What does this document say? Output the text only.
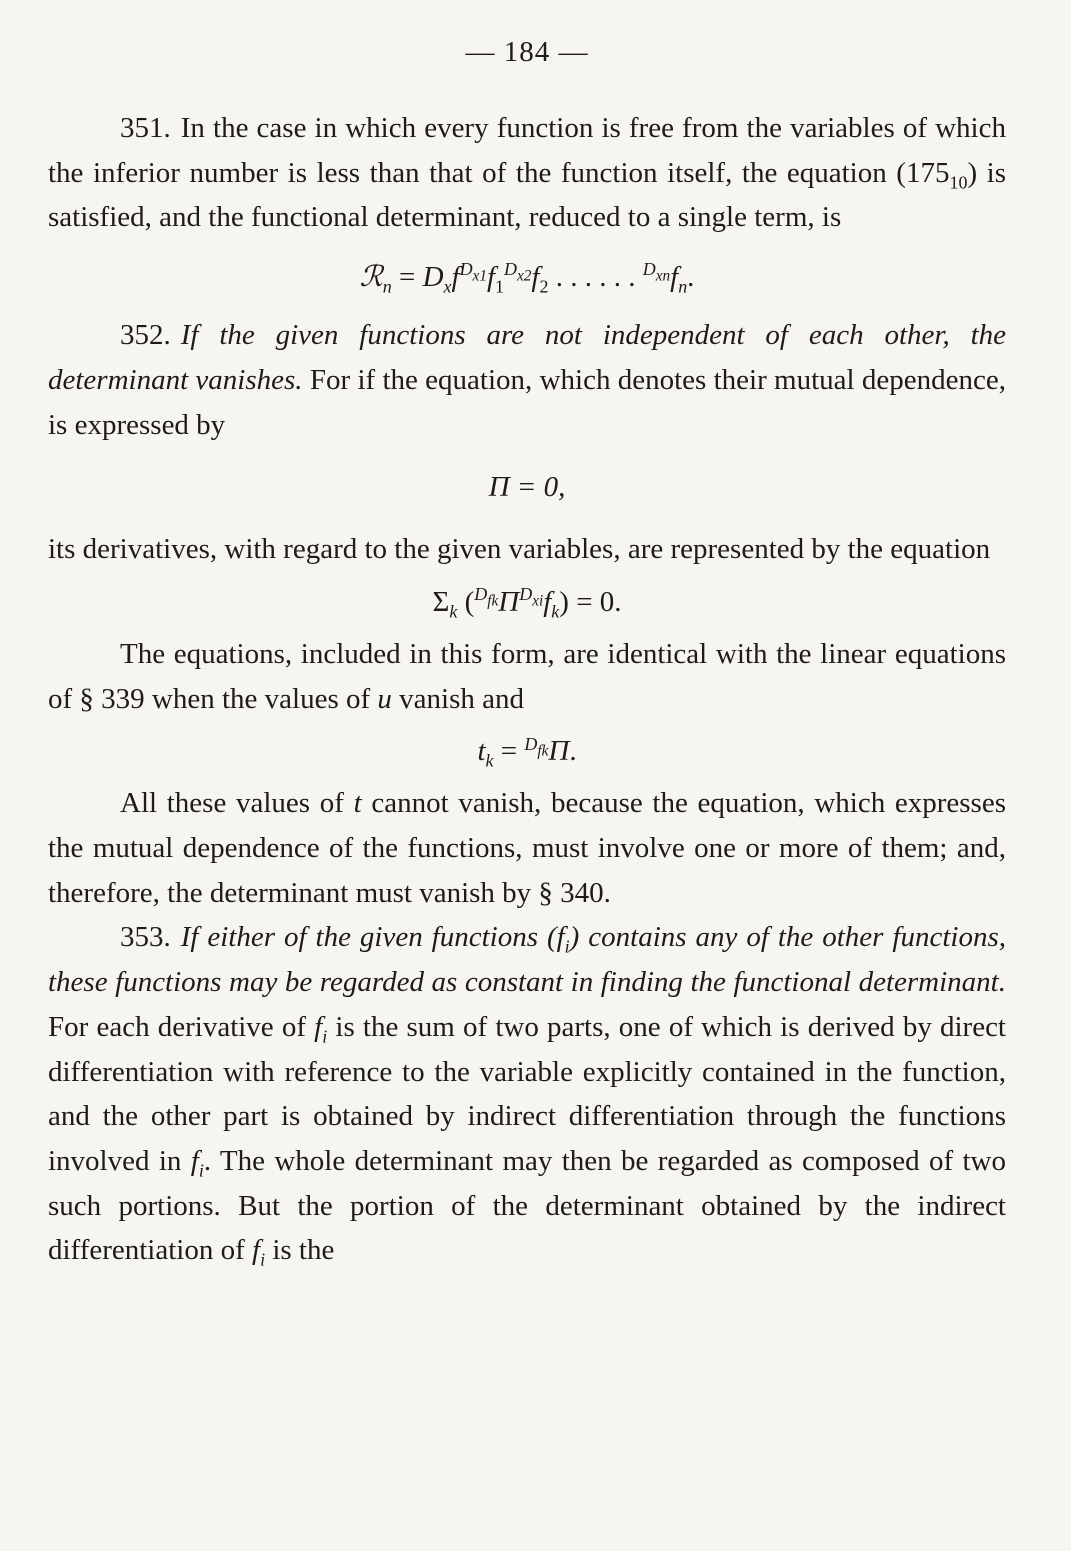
— 184 —

351. In the case in which every function is free from the variables of which the inferior number is less than that of the function itself, the equation $(175_{10})$ is satisfied, and the functional determinant, reduced to a single term, is

ℛ$_n$ = $D_xf^{D_{x1}}f_1^{D_{x2}}f_2$ . . . . . . $^{D_{xn}}f_n$.

352. If the given functions are not independent of each other, the determinant vanishes. For if the equation, which denotes their mutual dependence, is expressed by

Π = 0,

its derivatives, with regard to the given variables, are represented by the equation

$\Sigma_k$ $(^{D_{fk}}\Pi^{D_{xi}}f_k) = 0$.

The equations, included in this form, are identical with the linear equations of § 339 when the values of u vanish and

$t_k = ^{D_{fk}}\Pi$.

All these values of t cannot vanish, because the equation, which expresses the mutual dependence of the functions, must involve one or more of them; and, therefore, the determinant must vanish by § 340.

353. If either of the given functions $(f_i)$ contains any of the other functions, these functions may be regarded as constant in finding the functional determinant. For each derivative of $f_i$ is the sum of two parts, one of which is derived by direct differentiation with reference to the variable explicitly contained in the function, and the other part is obtained by indirect differentiation through the functions involved in $f_i$. The whole determinant may then be regarded as composed of two such portions. But the portion of the determinant obtained by the indirect differentiation of $f_i$ is the
